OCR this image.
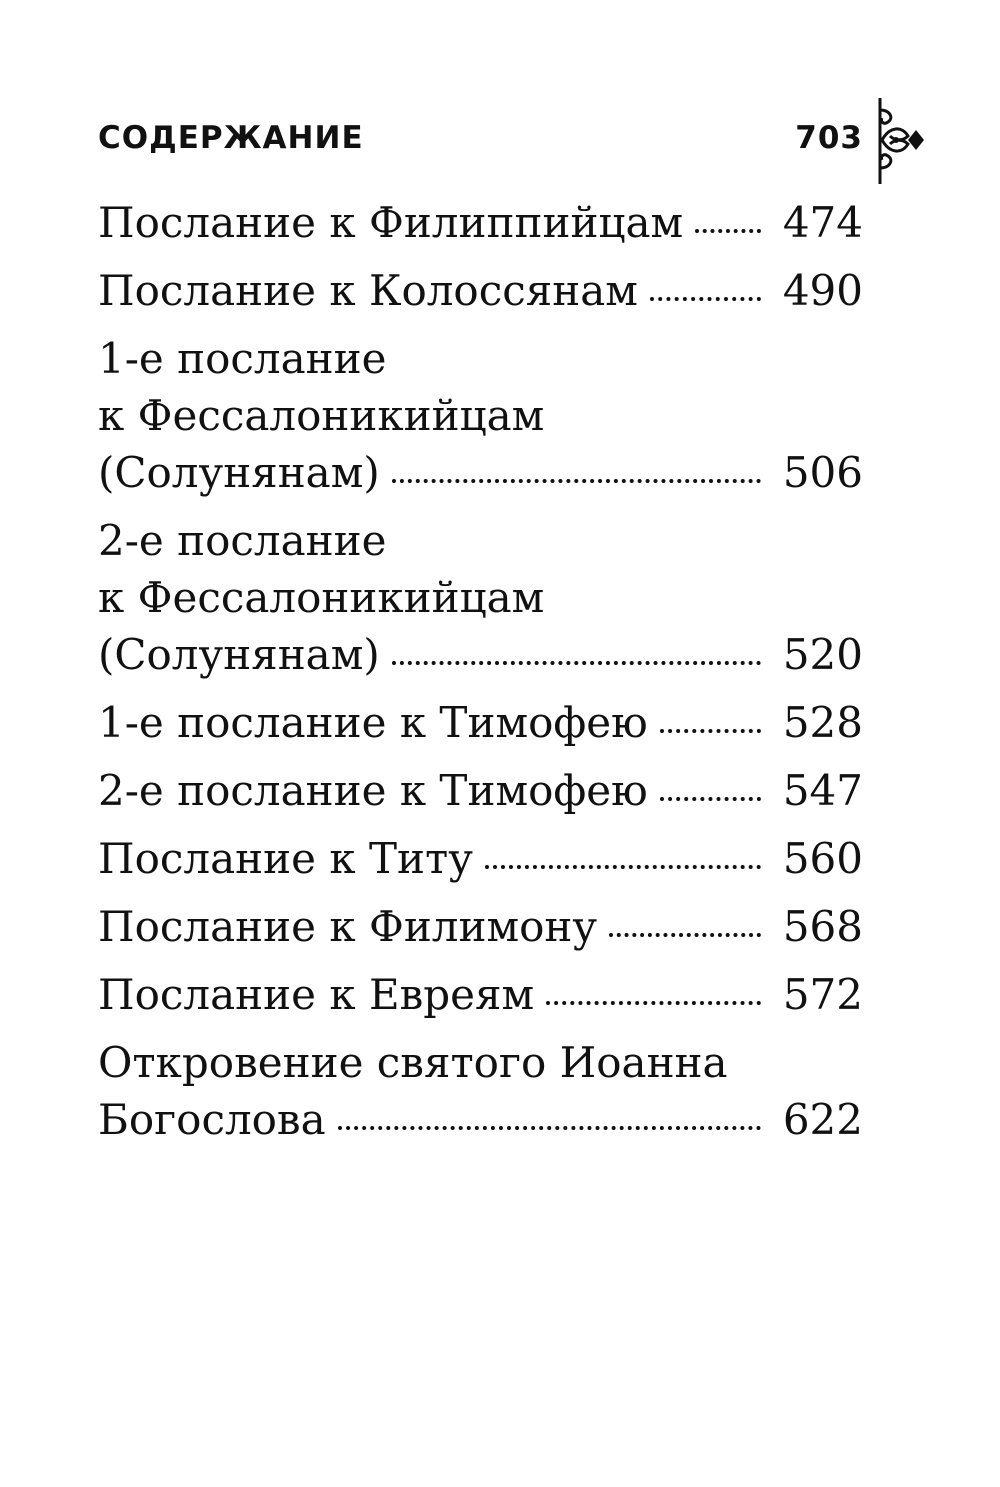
СОДЕРЖАНИЕ	703
Послание к Филиппийцам 474
Послание к Колоссянам	490
1-е послание
к Фессалоникийцам
(Солунянам)	506
2-е послание
к Фессалоникийцам
(Солунянам)	520
1-е послание к Тимофею	528
2-е послание к Тимофею	547
Послание к Титу	560
Послание к Филимону	568
Послание к Евреям	572
Откровение святого Иоанна
Богослова	622
